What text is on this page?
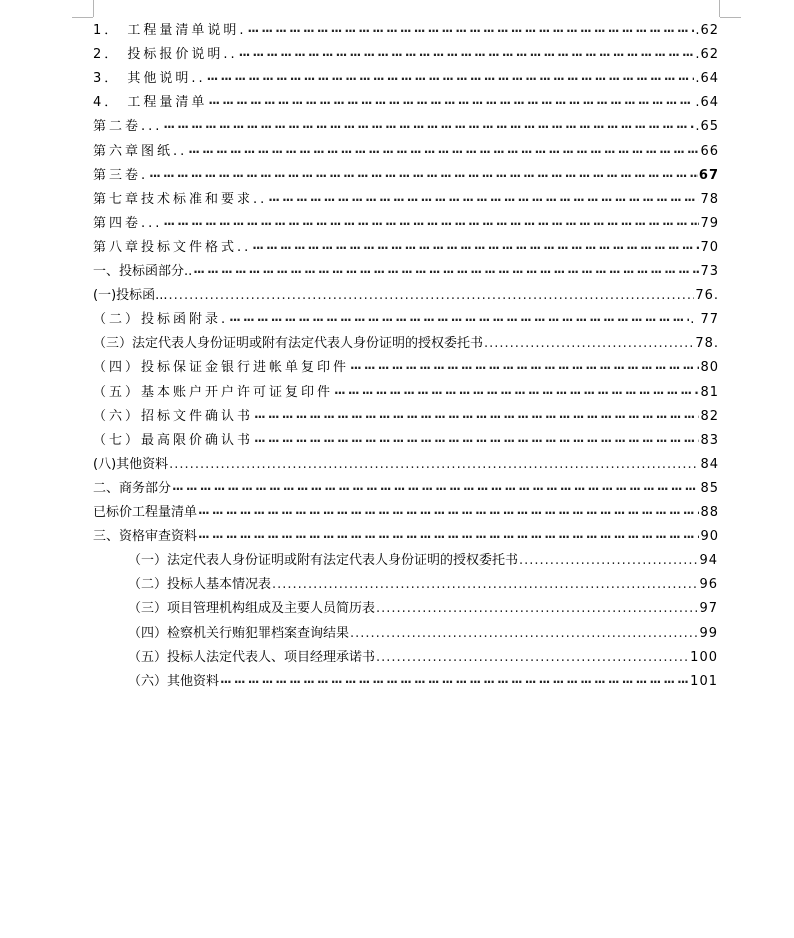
1． 工程量清单说明. ··· ·	.62
2． 投标报价说明.. ··· ·	.62
3． 其他说明.. ··· ·	.64
4． 工程量清单 ··· ·	.64
第二卷... ··· ·	.65
第六章图纸.. ··· ·	66
第三卷. ··· ·	67
第七章技术标准和要求.. ··· ·	78
第四卷... ··· ·	79
第八章投标文件格式.. ··· ·	70
一、投标函部分.. ··· ·	73
(一)投标函... .....	76.
（二）投标函附录. ··· ·	. 77
（三）法定代表人身份证明或附有法定代表人身份证明的授权委托书 .....	78.
（四）投标保证金银行进帐单复印件 ··· ·	80
（五）基本账户开户许可证复印件 ··· ·	81
（六）招标文件确认书 ··· ·	82
（七）最高限价确认书 ··· ·	83
(八)其他资料 .....	84
二、商务部分 ··· ·	85
已标价工程量清单 ··· ·	88
三、资格审查资料 ··· ·	90
（一）法定代表人身份证明或附有法定代表人身份证明的授权委托书 .....	94
（二）投标人基本情况表 .....	96
（三）项目管理机构组成及主要人员简历表 .....	97
（四）检察机关行贿犯罪档案查询结果 .....	99
（五）投标人法定代表人、项目经理承诺书 .....	100
（六）其他资料 ··· ·	101
